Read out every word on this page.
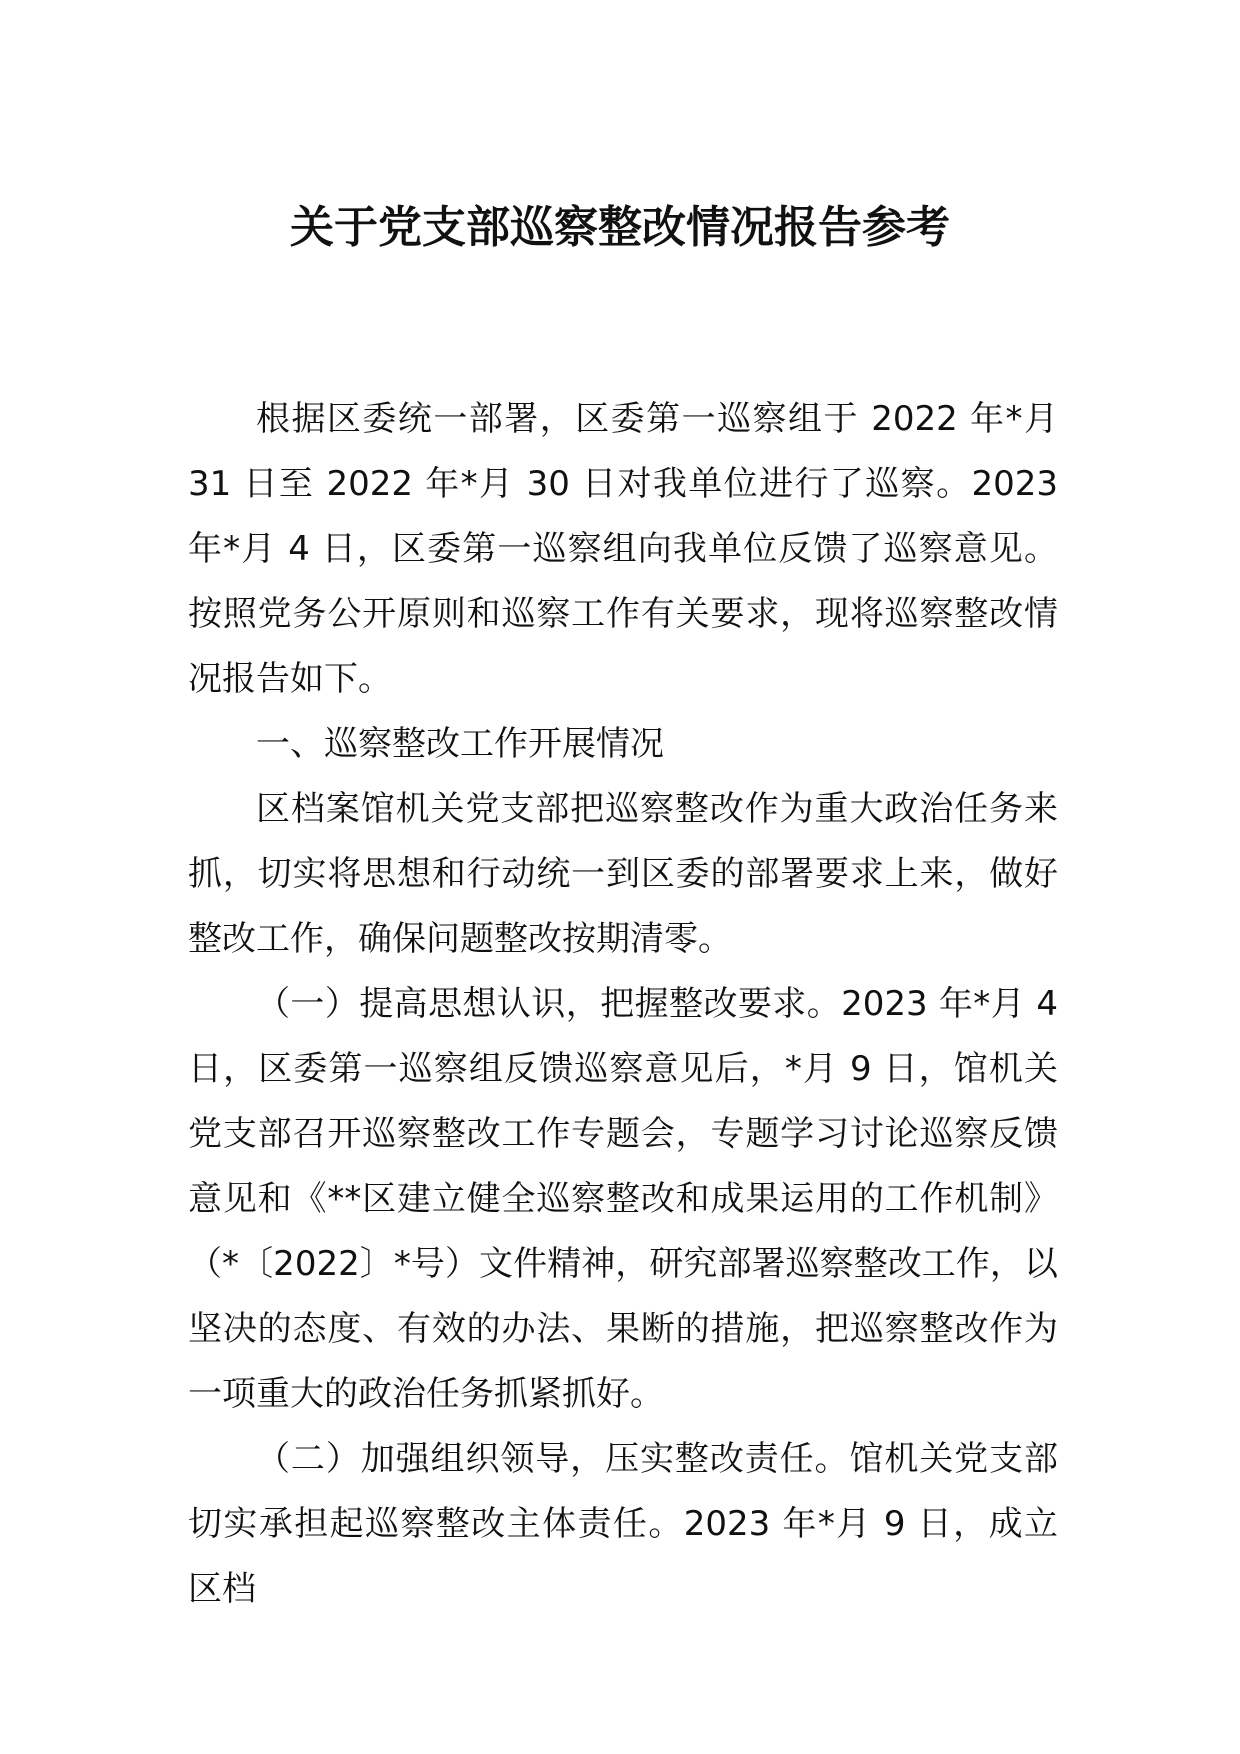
关于党支部巡察整改情况报告参考

根据区委统一部署，区委第一巡察组于 2022 年*月 31 日至 2022 年*月 30 日对我单位进行了巡察。2023 年*月 4 日，区委第一巡察组向我单位反馈了巡察意见。按照党务公开原则和巡察工作有关要求，现将巡察整改情况报告如下。

一、巡察整改工作开展情况

区档案馆机关党支部把巡察整改作为重大政治任务来抓，切实将思想和行动统一到区委的部署要求上来，做好整改工作，确保问题整改按期清零。

（一）提高思想认识，把握整改要求。2023 年*月 4 日，区委第一巡察组反馈巡察意见后，*月 9 日，馆机关党支部召开巡察整改工作专题会，专题学习讨论巡察反馈意见和《**区建立健全巡察整改和成果运用的工作机制》（*〔2022〕*号）文件精神，研究部署巡察整改工作，以坚决的态度、有效的办法、果断的措施，把巡察整改作为一项重大的政治任务抓紧抓好。

（二）加强组织领导，压实整改责任。馆机关党支部切实承担起巡察整改主体责任。2023 年*月 9 日，成立区档
